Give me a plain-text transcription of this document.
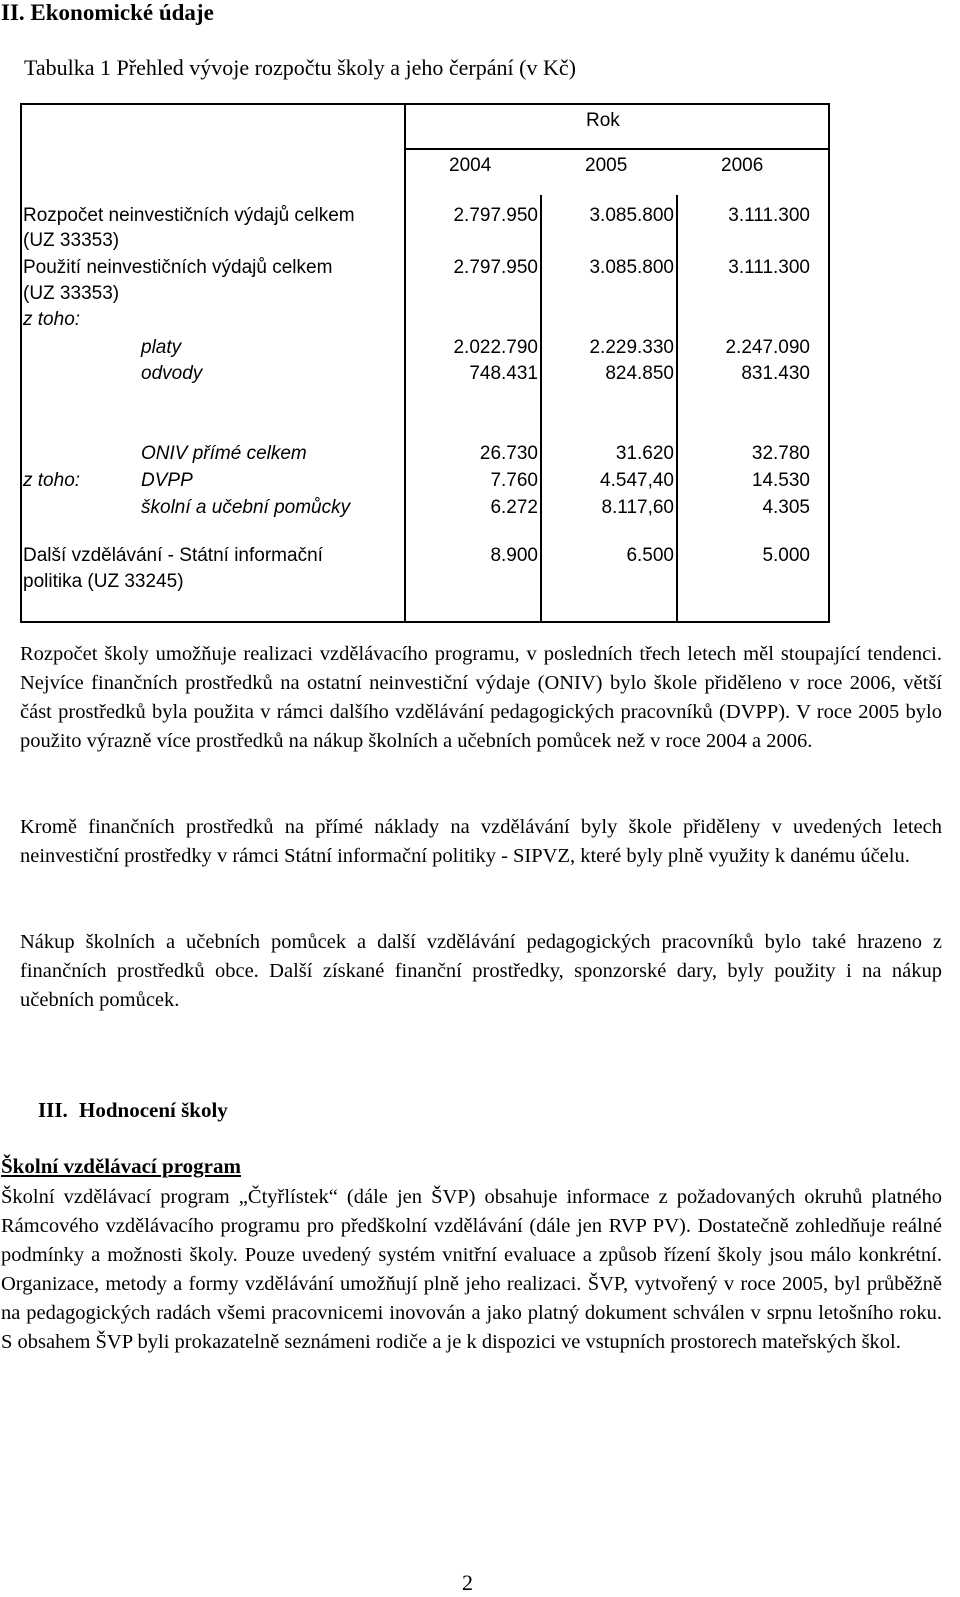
II. Ekonomické údaje
Tabulka 1 Přehled vývoje rozpočtu školy a jeho čerpání (v Kč)
Rok
2004	2005	2006
Rozpočet neinvestičních výdajů celkem
(UZ 33353)
2.797.950	3.085.800	3.111.300
Použití neinvestičních výdajů celkem
(UZ 33353)
2.797.950	3.085.800	3.111.300
z toho:
platy	2.022.790	2.229.330	2.247.090
odvody	748.431	824.850	831.430
ONIV přímé celkem	26.730	31.620	32.780
z toho:	DVPP	7.760	4.547,40	14.530
školní a učební pomůcky	6.272	8.117,60	4.305
Další vzdělávání - Státní informační
politika (UZ 33245)
8.900	6.500	5.000
Rozpočet školy umožňuje realizaci vzdělávacího programu, v posledních třech letech měl stoupající tendenci. Nejvíce finančních prostředků na ostatní neinvestiční výdaje (ONIV) bylo škole přiděleno v roce 2006, větší část prostředků byla použita v rámci dalšího vzdělávání pedagogických pracovníků (DVPP). V roce 2005 bylo použito výrazně více prostředků na nákup školních a učebních pomůcek než v roce 2004 a 2006.
Kromě finančních prostředků na přímé náklady na vzdělávání byly škole přiděleny v uvedených letech neinvestiční prostředky v rámci Státní informační politiky - SIPVZ, které byly plně využity k danému účelu.
Nákup školních a učebních pomůcek a další vzdělávání pedagogických pracovníků bylo také hrazeno z finančních prostředků obce. Další získané finanční prostředky, sponzorské dary, byly použity i na nákup učebních pomůcek.
III. Hodnocení školy
Školní vzdělávací program
Školní vzdělávací program „Čtyřlístek“ (dále jen ŠVP) obsahuje informace z požadovaných okruhů platného Rámcového vzdělávacího programu pro předškolní vzdělávání (dále jen RVP PV). Dostatečně zohledňuje reálné podmínky a možnosti školy. Pouze uvedený systém vnitřní evaluace a způsob řízení školy jsou málo konkrétní. Organizace, metody a formy vzdělávání umožňují plně jeho realizaci. ŠVP, vytvořený v roce 2005, byl průběžně na pedagogických radách všemi pracovnicemi inovován a jako platný dokument schválen v srpnu letošního roku. S obsahem ŠVP byli prokazatelně seznámeni rodiče a je k dispozici ve vstupních prostorech mateřských škol.
2
